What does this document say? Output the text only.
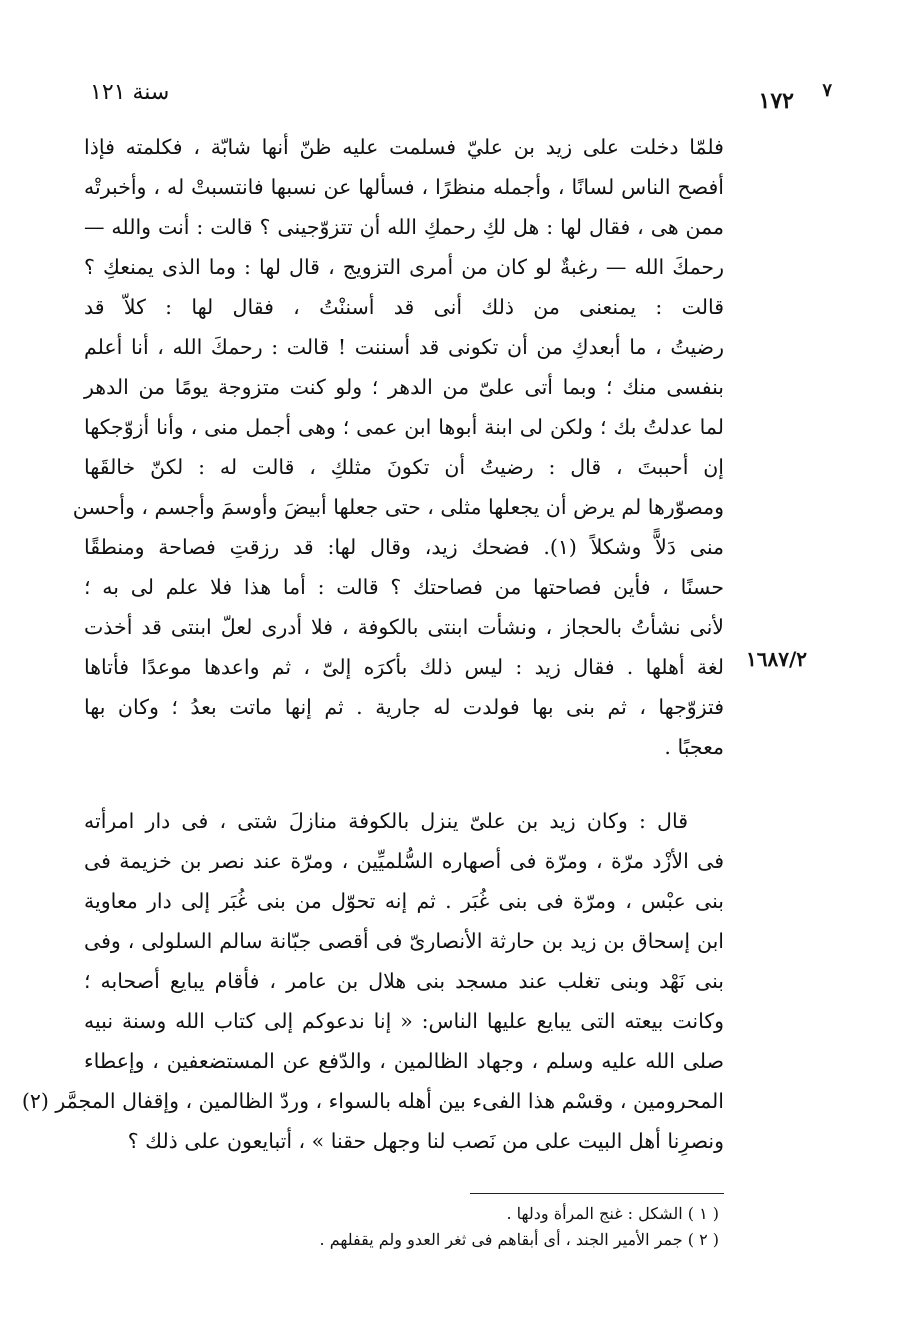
٧
١٧٢
سنة ١٢١
فلمّا دخلت على زيد بن عليّ فسلمت عليه ظنّ أنها شابّة ، فكلمته فإذا
أفصح الناس لسانًا ، وأجمله منظرًا ، فسألها عن نسبها فانتسبتْ له ، وأخبرتْه
ممن هى ، فقال لها : هل لكِ رحمكِ الله أن تتزوّجينى ؟ قالت : أنت والله —
رحمكَ الله — رغبةٌ لو كان من أمرى التزويج ، قال لها : وما الذى يمنعكِ ؟
قالت : يمنعنى من ذلك أنى قد أسننْتُ ، فقال لها : كلاّ قد
رضيتُ ، ما أبعدكِ من أن تكونى قد أسننت ! قالت : رحمكَ الله ، أنا أعلم
بنفسى منك ؛ وبما أتى علىّ من الدهر ؛ ولو كنت متزوجة يومًا من الدهر
لما عدلتُ بك ؛ ولكن لى ابنة أبوها ابن عمى ؛ وهى أجمل منى ، وأنا أزوّجكها
إن أحببتَ ، قال : رضيتُ أن تكونَ مثلكِ ، قالت له : لكنّ خالقَها
ومصوّرها لم يرض أن يجعلها مثلى ، حتى جعلها أبيضَ وأوسمَ وأجسم ، وأحسن
منى دَلاًّ وشكلاً (١). فضحك زيد، وقال لها: قد رزقتِ فصاحة ومنطقًا
حسنًا ، فأين فصاحتها من فصاحتك ؟ قالت : أما هذا فلا علم لى به ؛
لأنى نشأتُ بالحجاز ، ونشأت ابنتى بالكوفة ، فلا أدرى لعلّ ابنتى قد أخذت
لغة أهلها . فقال زيد : ليس ذلك بأكرَه إلىّ ، ثم واعدها موعدًا فأتاها
فتزوّجها ، ثم بنى بها فولدت له جارية . ثم إنها ماتت بعدُ ؛ وكان بها
معجبًا .
١٦٨٧/٢
قال : وكان زيد بن علىّ ينزل بالكوفة منازلَ شتى ، فى دار امرأته
فى الأزْد مرّة ، ومرّة فى أصهاره السُّلميِّين ، ومرّة عند نصر بن خزيمة فى
بنى عبْس ، ومرّة فى بنى غُبَر . ثم إنه تحوّل من بنى غُبَر إلى دار معاوية
ابن إسحاق بن زيد بن حارثة الأنصارىّ فى أقصى جبّانة سالم السلولى ، وفى
بنى نَهْد وبنى تغلب عند مسجد بنى هلال بن عامر ، فأقام يبايع أصحابه ؛
وكانت بيعته التى يبايع عليها الناس: « إنا ندعوكم إلى كتاب الله وسنة نبيه
صلى الله عليه وسلم ، وجهاد الظالمين ، والدّفع عن المستضعفين ، وإعطاء
المحرومين ، وقسْم هذا الفىء بين أهله بالسواء ، وردّ الظالمين ، وإقفال المجمَّر (٢)
ونصرِنا أهل البيت على من نَصب لنا وجهل حقنا » ، أتبايعون على ذلك ؟
( ١ ) الشكل : غنج المرأة ودلها .
( ٢ ) جمر الأمير الجند ، أى أبقاهم فى ثغر العدو ولم يقفلهم .
